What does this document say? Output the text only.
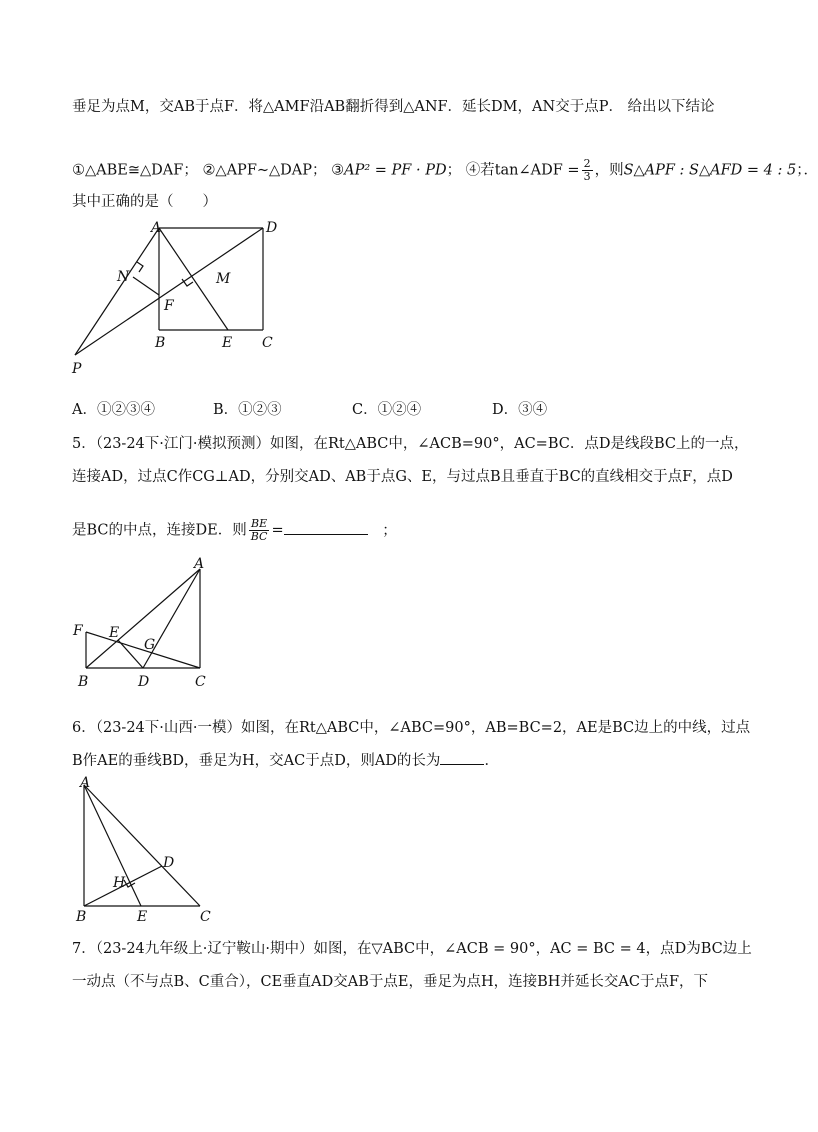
垂足为点M，交AB于点F．将△AMF沿AB翻折得到△ANF．延长DM，AN交于点P． 给出以下结论
①△ABE≅△DAF； ②△APF∼△DAP； ③AP² = PF · PD； ④若tan∠ADF = $\frac{2}{3}$ ，则S△APF : S△AFD = 4 : 5；．
其中正确的是（　　）
A	D
N	M
F
B	E C
P
A．①②③④	B．①②③	C．①②④	D．③④
5．（23-24下·江门·模拟预测）如图，在Rt△ABC中，∠ACB=90°，AC=BC．点D是线段BC上的一点，
连接AD，过点C作CG⊥AD，分别交AD、AB于点G、E，与过点B且垂直于BC的直线相交于点F，点D
是BC的中点，连接DE．则 $\frac{BE}{BC}$ =	；
A
F E
G
B	D	C
6．（23-24下·山西·一模）如图，在Rt△ABC中，∠ABC=90°，AB=BC=2，AE是BC边上的中线，过点
B作AE的垂线BD，垂足为H，交AC于点D，则AD的长为	．
A
D
H
B	E	C
7．（23-24九年级上·辽宁鞍山·期中）如图，在▽ABC中，∠ACB = 90°，AC = BC = 4，点D为BC边上
一动点（不与点B、C重合），CE垂直AD交AB于点E，垂足为点H，连接BH并延长交AC于点F，下
